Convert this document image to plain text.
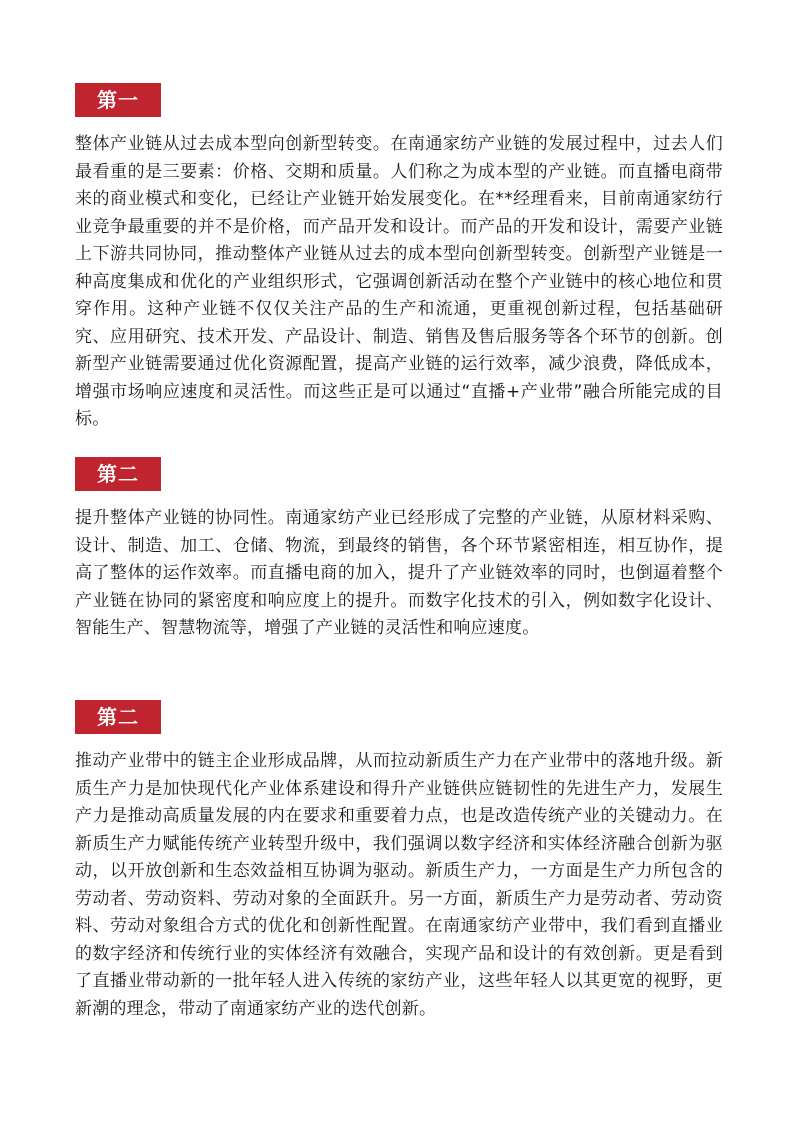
第一

整体产业链从过去成本型向创新型转变。在南通家纺产业链的发展过程中，过去人们最看重的是三要素：价格、交期和质量。人们称之为成本型的产业链。而直播电商带来的商业模式和变化，已经让产业链开始发展变化。在**经理看来，目前南通家纺行业竞争最重要的并不是价格，而产品开发和设计。而产品的开发和设计，需要产业链上下游共同协同，推动整体产业链从过去的成本型向创新型转变。创新型产业链是一种高度集成和优化的产业组织形式，它强调创新活动在整个产业链中的核心地位和贯穿作用。这种产业链不仅仅关注产品的生产和流通，更重视创新过程，包括基础研究、应用研究、技术开发、产品设计、制造、销售及售后服务等各个环节的创新。创新型产业链需要通过优化资源配置，提高产业链的运行效率，减少浪费，降低成本，增强市场响应速度和灵活性。而这些正是可以通过“直播+产业带”融合所能完成的目标。

第二

提升整体产业链的协同性。南通家纺产业已经形成了完整的产业链，从原材料采购、设计、制造、加工、仓储、物流，到最终的销售，各个环节紧密相连，相互协作，提高了整体的运作效率。而直播电商的加入，提升了产业链效率的同时，也倒逼着整个产业链在协同的紧密度和响应度上的提升。而数字化技术的引入，例如数字化设计、智能生产、智慧物流等，增强了产业链的灵活性和响应速度。

第二

推动产业带中的链主企业形成品牌，从而拉动新质生产力在产业带中的落地升级。新质生产力是加快现代化产业体系建设和得升产业链供应链韧性的先进生产力，发展生产力是推动高质量发展的内在要求和重要着力点，也是改造传统产业的关键动力。在新质生产力赋能传统产业转型升级中，我们强调以数字经济和实体经济融合创新为驱动，以开放创新和生态效益相互协调为驱动。新质生产力，一方面是生产力所包含的劳动者、劳动资料、劳动对象的全面跃升。另一方面，新质生产力是劳动者、劳动资料、劳动对象组合方式的优化和创新性配置。在南通家纺产业带中，我们看到直播业的数字经济和传统行业的实体经济有效融合，实现产品和设计的有效创新。更是看到了直播业带动新的一批年轻人进入传统的家纺产业，这些年轻人以其更宽的视野，更新潮的理念，带动了南通家纺产业的迭代创新。
